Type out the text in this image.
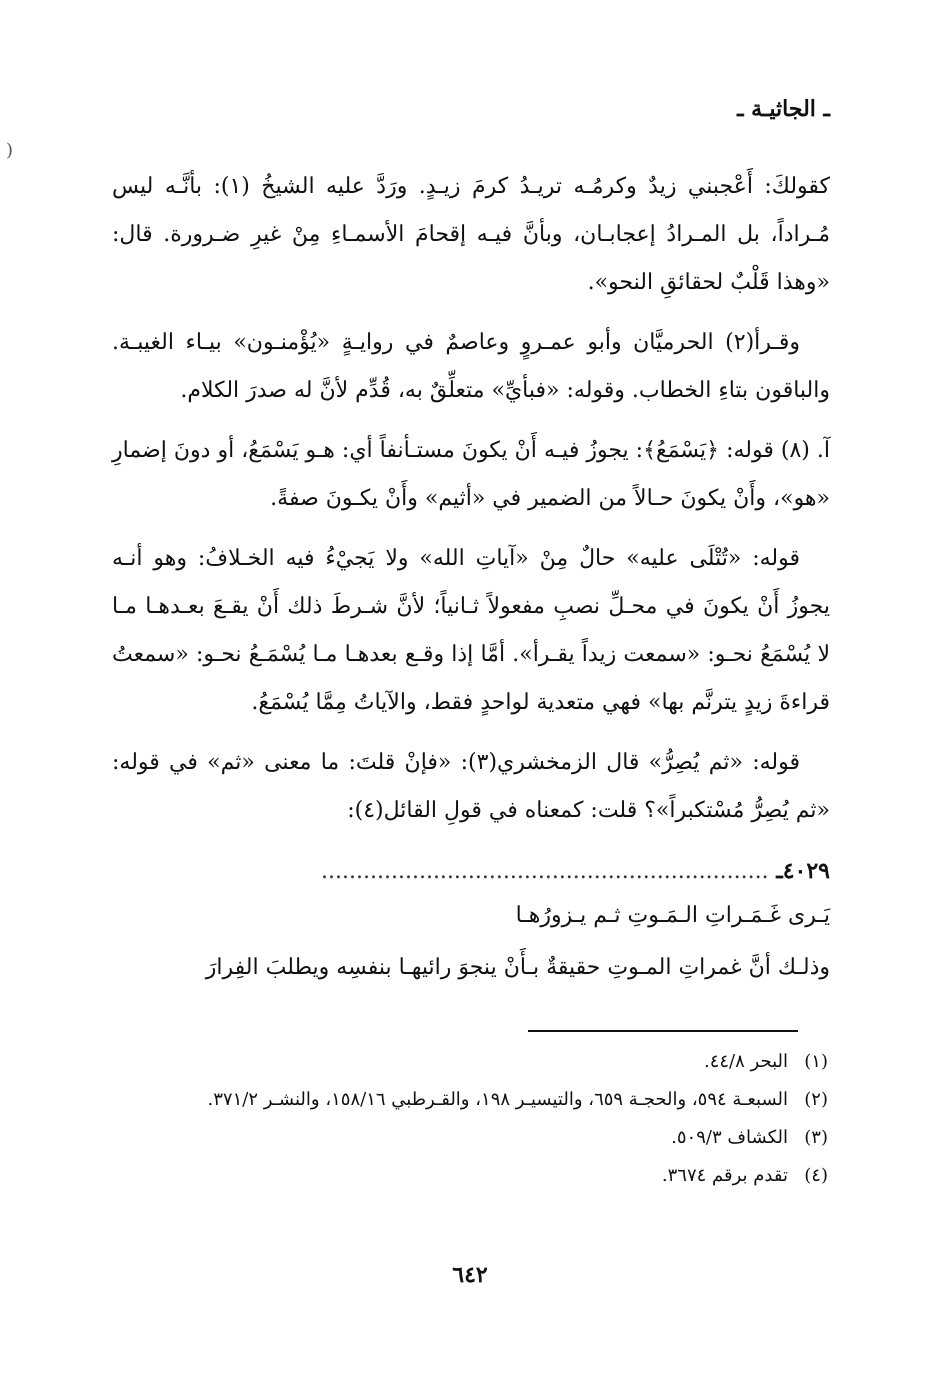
(
ـ الجاثيـة ـ

كقولكَ: أَعْجبني زيدٌ وكرمُـه تريـدُ كرمَ زيـدٍ. ورَدَّ عليه الشيخُ (١): بأنَّـه ليس مُـراداً، بل المـرادُ إعجابـان، وبأنَّ فيـه إقحامَ الأسمـاءِ مِنْ غيرِ ضـرورة. قال: «وهذا قَلْبٌ لحقائقِ النحو».

وقـرأ(٢) الحرميَّان وأبو عمـروٍ وعاصمٌ في روايـةٍ «يُؤْمنـون» بيـاء الغيبـة. والباقون بتاءِ الخطاب. وقوله: «فبأيِّ» متعلِّقٌ به، قُدِّم لأنَّ له صدرَ الكلام.

آ. (٨) قوله: ﴿يَسْمَعُ﴾: يجوزُ فيـه أَنْ يكونَ مستـأنفاً أي: هـو يَسْمَعُ، أو دونَ إضمارِ «هو»، وأَنْ يكونَ حـالاً من الضمير في «أثيم» وأَنْ يكـونَ صفةً.

قوله: «تُتْلَى عليه» حالٌ مِنْ «آياتِ الله» ولا يَجيْءُ فيه الخـلافُ: وهو أنـه يجوزُ أَنْ يكونَ في محـلِّ نصبِ مفعولاً ثـانياً؛ لأنَّ شـرطَ ذلك أَنْ يقـعَ بعـدهـا مـا لا يُسْمَعُ نحـو: «سمعت زيداً يقـرأ». أمَّا إذا وقـع بعدهـا مـا يُسْمَـعُ نحـو: «سمعتُ قراءةَ زيدٍ يترنَّم بها» فهي متعدية لواحدٍ فقط، والآياتُ مِمَّا يُسْمَعُ.

قوله: «ثم يُصِرُّ» قال الزمخشري(٣): «فإنْ قلتَ: ما معنى «ثم» في قوله: «ثم يُصِرُّ مُسْتكبراً»؟ قلت: كمعناه في قولِ القائل(٤):

٤٠٢٩ـ ................................................................
يَـرى غَـمَـراتِ الـمَـوتِ ثـم يـزورُهـا
وذلـك أنَّ غمراتِ المـوتِ حقيقةٌ بـأَنْ ينجوَ رائيهـا بنفسِه ويطلبَ الفِرارَ
(١)
البحر ٤٤/٨.
(٢)
السبعـة ٥٩٤، والحجـة ٦٥٩، والتيسيـر ١٩٨، والقـرطبي ١٥٨/١٦، والنشـر ٣٧١/٢.
(٣)
الكشاف ٥٠٩/٣.
(٤)
تقدم برقم ٣٦٧٤.
٦٤٢
